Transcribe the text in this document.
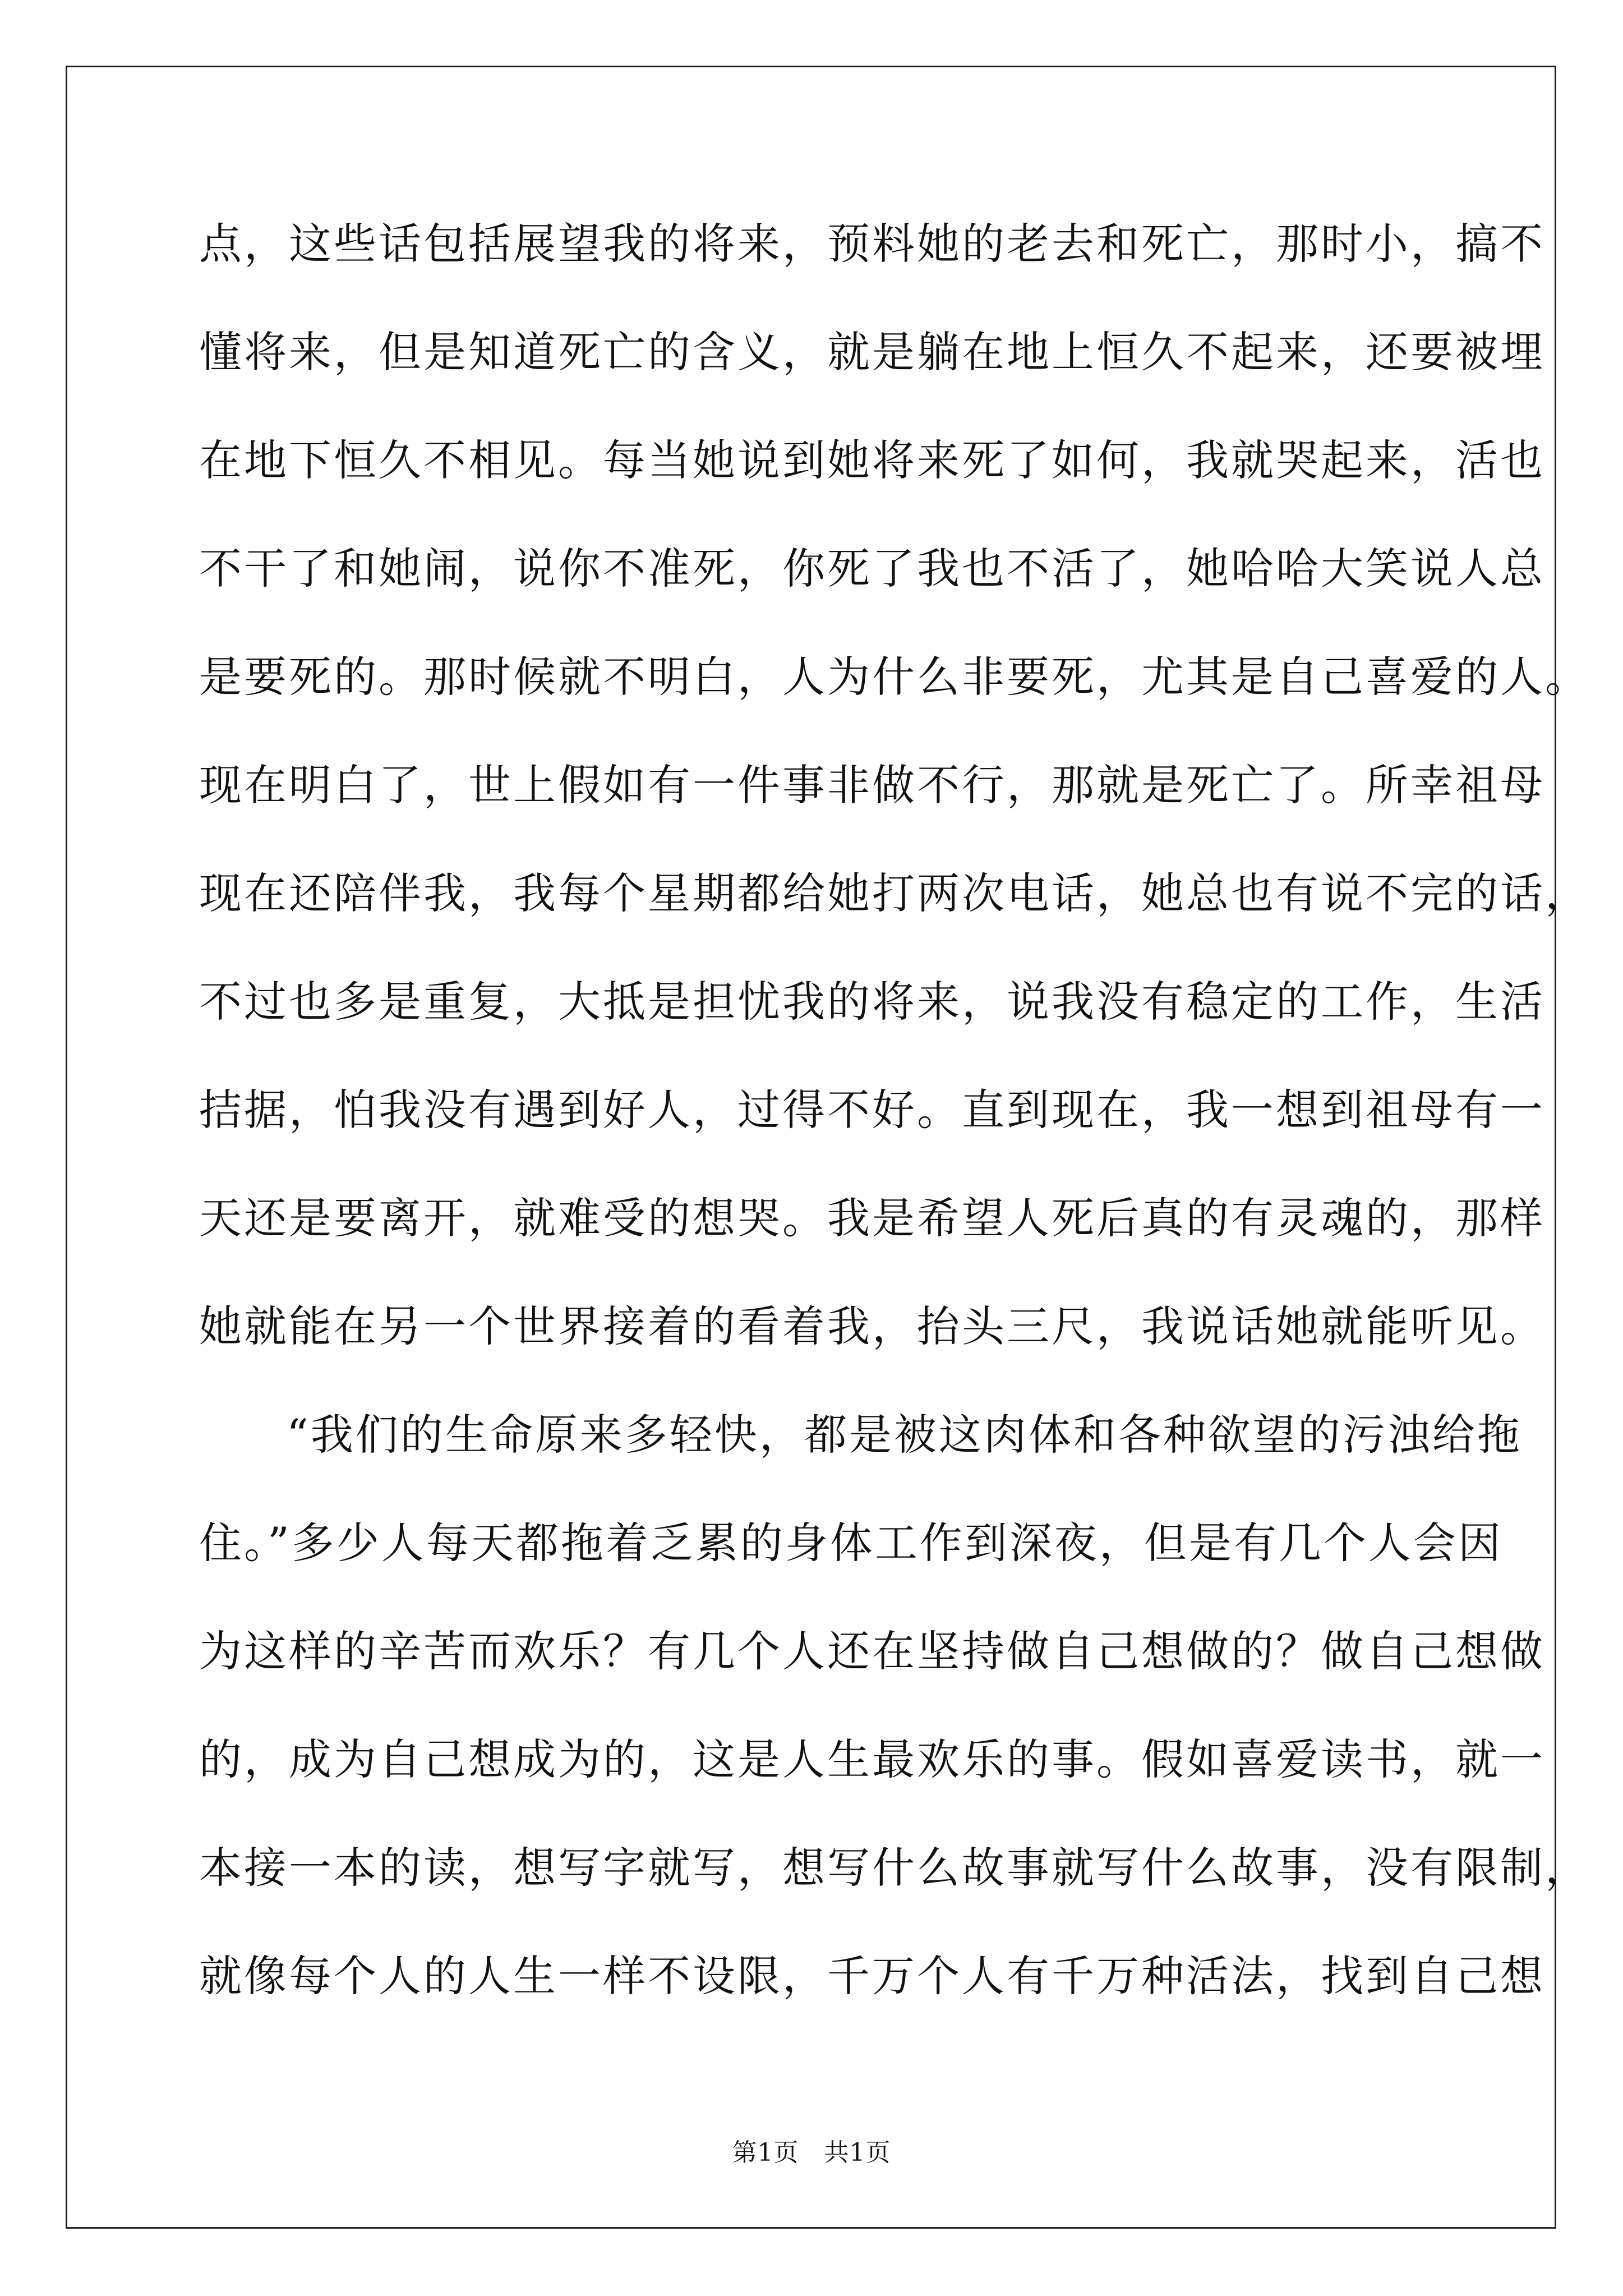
点，这些话包括展望我的将来，预料她的老去和死亡，那时小，搞不
懂将来，但是知道死亡的含义，就是躺在地上恒久不起来，还要被埋
在地下恒久不相见。每当她说到她将来死了如何，我就哭起来，活也
不干了和她闹，说你不准死，你死了我也不活了，她哈哈大笑说人总
是要死的。那时候就不明白，人为什么非要死，尤其是自己喜爱的人。
现在明白了，世上假如有一件事非做不行，那就是死亡了。所幸祖母
现在还陪伴我，我每个星期都给她打两次电话，她总也有说不完的话，
不过也多是重复，大抵是担忧我的将来，说我没有稳定的工作，生活
拮据，怕我没有遇到好人，过得不好。直到现在，我一想到祖母有一
天还是要离开，就难受的想哭。我是希望人死后真的有灵魂的，那样
她就能在另一个世界接着的看着我，抬头三尺，我说话她就能听见。
“我们的生命原来多轻快，都是被这肉体和各种欲望的污浊给拖
住。”多少人每天都拖着乏累的身体工作到深夜，但是有几个人会因
为这样的辛苦而欢乐？有几个人还在坚持做自己想做的？做自己想做
的，成为自己想成为的，这是人生最欢乐的事。假如喜爱读书，就一
本接一本的读，想写字就写，想写什么故事就写什么故事，没有限制，
就像每个人的人生一样不设限，千万个人有千万种活法，找到自己想
第1页　共1页
